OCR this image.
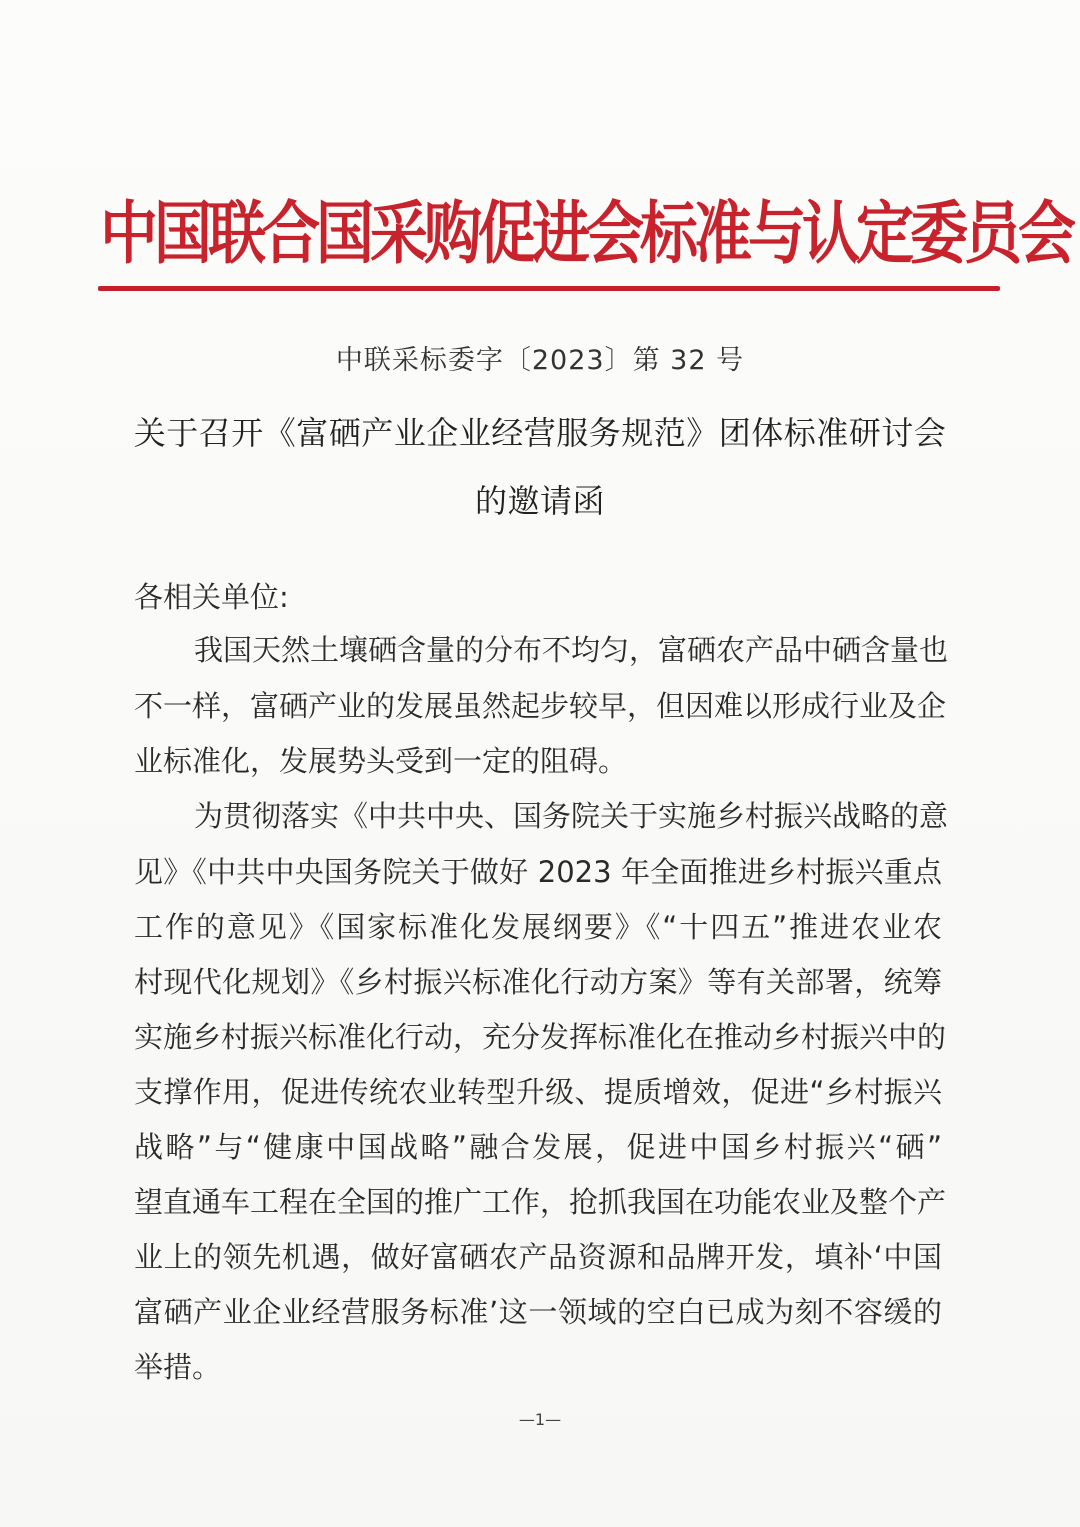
中国联合国采购促进会标准与认定委员会
中联采标委字〔2023〕第 32 号
关于召开《富硒产业企业经营服务规范》团体标准研讨会
的邀请函
各相关单位:
我国天然土壤硒含量的分布不均匀，富硒农产品中硒含量也
不一样，富硒产业的发展虽然起步较早，但因难以形成行业及企
业标准化，发展势头受到一定的阻碍。
为贯彻落实《中共中央、国务院关于实施乡村振兴战略的意
见》《中共中央国务院关于做好 2023 年全面推进乡村振兴重点
工作的意见》《国家标准化发展纲要》《“十四五”推进农业农
村现代化规划》《乡村振兴标准化行动方案》等有关部署，统筹
实施乡村振兴标准化行动，充分发挥标准化在推动乡村振兴中的
支撑作用，促进传统农业转型升级、提质增效，促进“乡村振兴
战略”与“健康中国战略”融合发展，促进中国乡村振兴“硒”
望直通车工程在全国的推广工作，抢抓我国在功能农业及整个产
业上的领先机遇，做好富硒农产品资源和品牌开发，填补‘中国
富硒产业企业经营服务标准’这一领域的空白已成为刻不容缓的
举措。
—1—
